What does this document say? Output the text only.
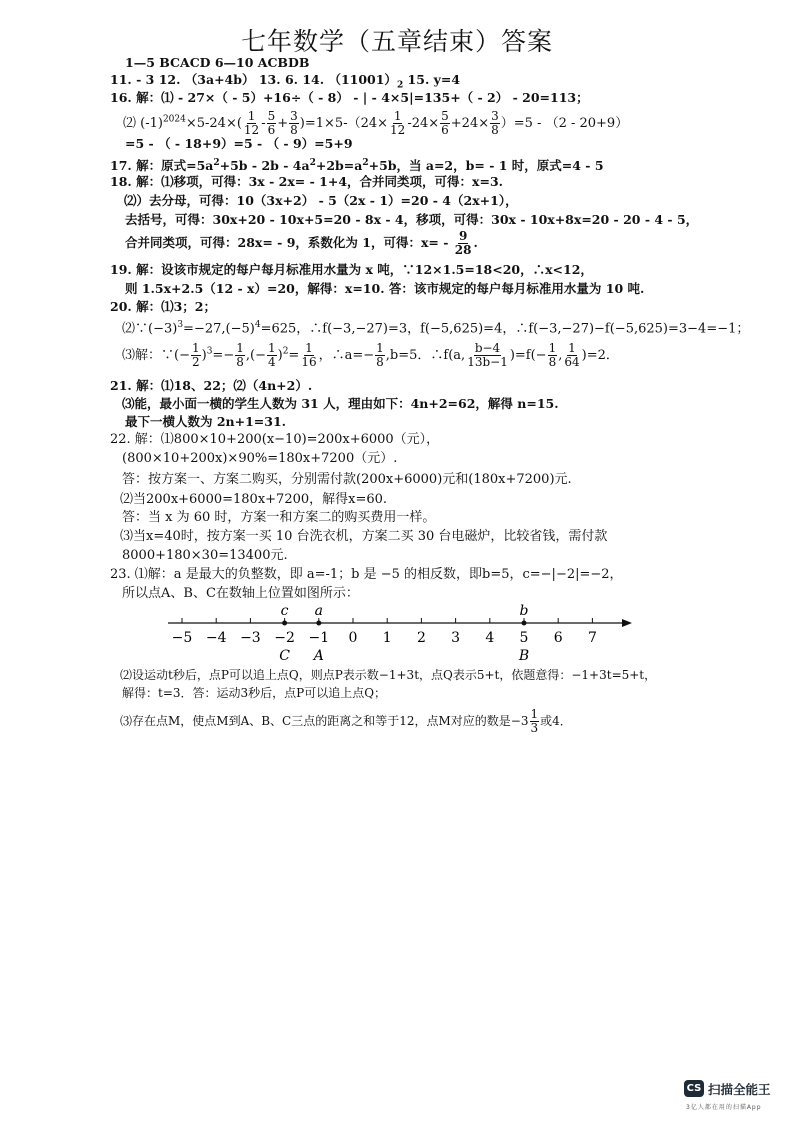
七年数学（五章结束）答案
1—5 BCACD 6—10 ACBDB
11. - 3 12. （3a+4b） 13. 6. 14. $(11001)_2$ 15. y=4
16. 解：⑴ - 27×（ - 5）+16÷（ - 8） - | - 4×5|=135+（ - 2） - 20=113；
⑵ $(-1)^{2024}\times 5-24\times( \frac{1}{12} - \frac{5}{6} + \frac{3}{8} )=1\times 5-(24\times \frac{1}{12} -24\times \frac{5}{6} +24\times \frac{3}{8} )=5 - (2 - 20+9)$
=5 - （ - 18+9）=5 - （ - 9）=5+9
17. 解：原式$=5a^2+5b - 2b - 4a^2+2b=a^2+5b$，当 a=2，b= - 1 时，原式=4 - 5
18. 解：⑴移项，可得：3x - 2x= - 1+4，合并同类项，可得：x=3.
⑵）去分母，可得：10（3x+2） - 5（2x - 1）=20 - 4（2x+1），
去括号，可得：30x+20 - 10x+5=20 - 8x - 4，移项，可得：30x - 10x+8x=20 - 20 - 4 - 5，
合并同类项，可得：28x= - 9，系数化为 1，可得：$x= - \frac{9}{28}$ .
19. 解：设该市规定的每户每月标准用水量为 x 吨，∵12×1.5=18<20，∴x<12，
则 1.5x+2.5（12 - x）=20，解得：x=10. 答：该市规定的每户每月标准用水量为 10 吨.
20. 解：⑴3；2；
$⑵\because(-3)^3=-27,(-5)^4=625$，∴f(−3,−27)=3，f(−5,625)=4，∴f(−3,−27)−f(−5,625)=3−4=−1；
⑶解：∵(− $\frac{1}{2} )^3=- \frac{1}{8}$ ,(− $\frac{1}{4} )^2= \frac{1}{16}$ ，∴a=− $\frac{1}{8} ,b=5$．∴f(a, $\frac{b-4}{13b-1} )=f(- \frac{1}{8}$ , $\frac{1}{64} )=2$．
21. 解：⑴18、22；⑵（4n+2）.
⑶能，最小面一横的学生人数为 31 人，理由如下：4n+2=62，解得 n=15.
最下一横人数为 2n+1=31.
22. 解：⑴800×10+200(x−10)=200x+6000（元），
(800×10+200x)×90%=180x+7200（元）.
答：按方案一、方案二购买，分别需付款(200x+6000)元和(180x+7200)元.
⑵当200x+6000=180x+7200，解得x=60.
答：当 x 为 60 时，方案一和方案二的购买费用一样。
⑶当x=40时，按方案一买 10 台洗衣机，方案二买 30 台电磁炉，比较省钱，需付款
8000+180×30=13400元.
23. ⑴解：a 是最大的负整数，即 a=-1；b 是 −5 的相反数，即b=5，c=−|−2|=−2，
所以点A、B、C在数轴上位置如图所示：
−5 −4 −3 −2 −1 0 1 2 3 4 5 6 7
c
C
a
A
b
B
⑵设运动t秒后，点P可以追上点Q，则点P表示数−1+3t，点Q表示5+t，依题意得：−1+3t=5+t，
解得：t=3．答：运动3秒后，点P可以追上点Q；
⑶存在点M，使点M到A、B、C三点的距离之和等于12，点M对应的数是$-3 \frac{1}{3}$ 或4．
CS 扫描全能王
3亿人都在用的扫描App
